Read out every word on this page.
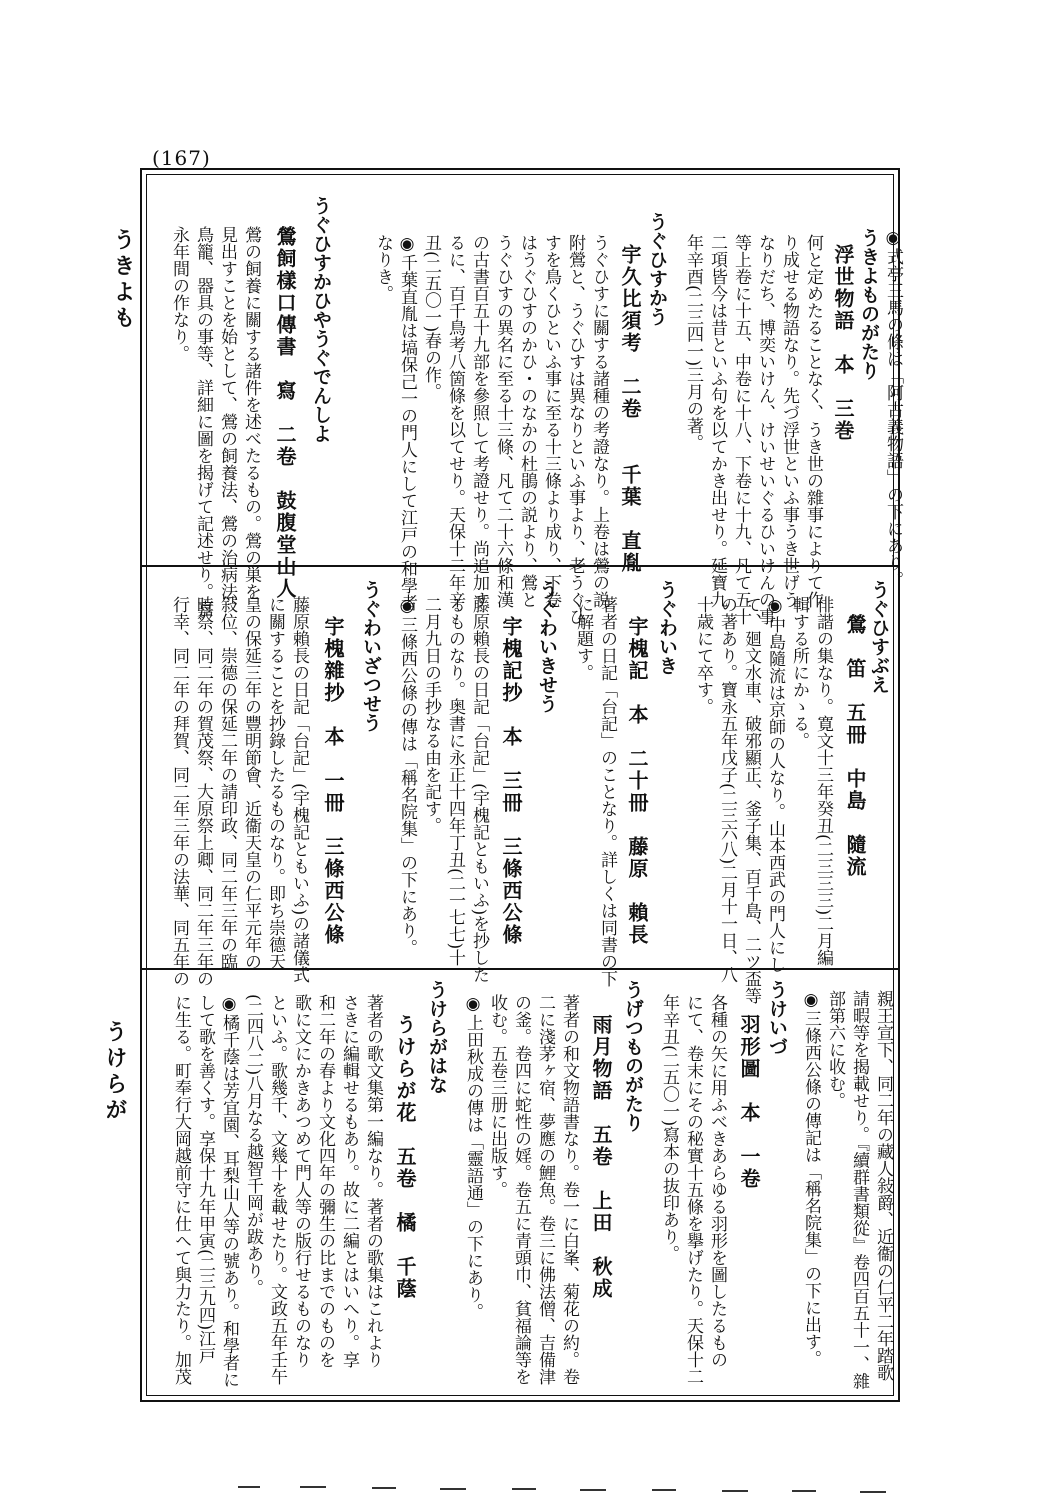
(167)
うきよも
うけらが
◉式亭三馬の條は「阿古義物語」の下にあり。
うきよものがたり
浮世物語　本　三巻
何と定めたることなく、うき世の雜事によりて作
り成せる物語なり。先づ浮世といふ事うき世げう
なりだち、博奕いけん、けいせいぐるひいけんの事
等上卷に十五、中卷に十八、下卷に十九、凡て五十
二項皆今は昔といふ句を以てかき出せり。延寶九
年辛酉(二三四一)三月の著。
うぐひすかう
宇久比須考　二卷　　千葉　直胤
うぐひすに關する諸種の考證なり。上卷は鶯の説
附鶯と、うぐひすは異なりといふ事より、老うぐひ
すを鳥くひといふ事に至る十三條より成り、下卷
はうぐひすのかひ・のなかの杜鵑の説より、鶯と
うぐひすの異名に至る十三條、凡て二十六條和漢
の古書百五十九部を參照して考證せり。尚追加す
るに、百千鳥考八箇條を以てせり。天保十二年辛
丑(二五〇一)春の作。
◉千葉直胤は塙保己一の門人にして江戸の和學者
なりき。
うぐひすかひやうぐでんしよ
鶯飼樣口傳書　寫　二卷　鼓腹堂山人
鶯の飼養に關する諸件を述べたるもの。鶯の巣を
見出すことを始として、鶯の飼養法、鶯の治病法、
鳥籠、器具の事等、詳細に圖を揭げて記述せり。嘉
永年間の作なり。
うぐひすぶえ
鶯　笛　五冊　中島　隨流
俳諧の集なり。寛文十三年癸丑(二三三三)二月編
輯する所にかゝる。
◉中島隨流は京師の人なり。山本西武の門人にし
て、廻文水車、破邪顯正、釜子集、百千島、二ツ盃等
の著あり。寶永五年戊子(二三六八)二月十一日、八
十歳にて卒す。
うぐわいき
宇槐記　本　二十冊　藤原　賴長
著者の日記「台記」のことなり。詳しくは同書の下
に解題す。
うぐわいきせう
宇槐記抄　本　三冊　三條西公條
藤原賴長の日記「台記」(宇槐記ともいふ)を抄した
るものなり。奥書に永正十四年丁丑(二一七七)十
二月九日の手抄なる由を記す。
◉三條西公條の傳は「稱名院集」の下にあり。
うぐわいざつせう
宇槐雜抄　本　一冊　三條西公條
藤原賴長の日記「台記」(宇槐記ともいふ)の諸儀式
に關することを抄錄したるものなり。即ち崇德天
皇の保延三年の豐明節會、近衞天皇の仁平元年の
敍位、崇德の保延二年の請印政、同二年三年の臨
時祭、同二年の賀茂祭、大原祭上卿、同二年三年の
行幸、同二年の拜賀、同二年三年の法華、同五年の
親王宣下、同二年の藏人敍爵、近衞の仁平二年踏歌
請暇等を揭載せり。『續群書類從』卷四百五十一、雜
部第六に收む。
◉三條西公條の傳記は「稱名院集」の下に出す。
うけいづ
羽形圖　本　一卷
各種の矢に用ふべきあらゆる羽形を圖したるもの
にて、卷末にその秘實十五條を擧げたり。天保十二
年辛丑(二五〇一)寫本の抜印あり。
うげつものがたり
雨月物語　五卷　上田　秋成
著者の和文物語書なり。卷一に白峯、菊花の約。卷
二に淺茅ヶ宿、夢應の鯉魚。卷三に佛法僧、吉備津
の釜。卷四に蛇性の婬。卷五に青頭巾、貧福論等を
收む。五卷三册に出版す。
◉上田秋成の傳は「靈語通」の下にあり。
うけらがはな
うけらが花　五卷　橘　千蔭
著者の歌文集第一編なり。著者の歌集はこれより
さきに編輯せるもあり。故に二編とはいへり。享
和二年の春より文化四年の彌生の比までのものを
歌に文にかきあつめて門人等の版行せるものなり
といふ。歌幾千、文幾十を載せたり。文政五年壬午
(二四八二)八月なる越智千岡が跋あり。
◉橘千蔭は芳宜園、耳梨山人等の號あり。和學者に
して歌を善くす。享保十九年甲寅(二三九四)江戸
に生る。町奉行大岡越前守に仕へて與力たり。加茂
